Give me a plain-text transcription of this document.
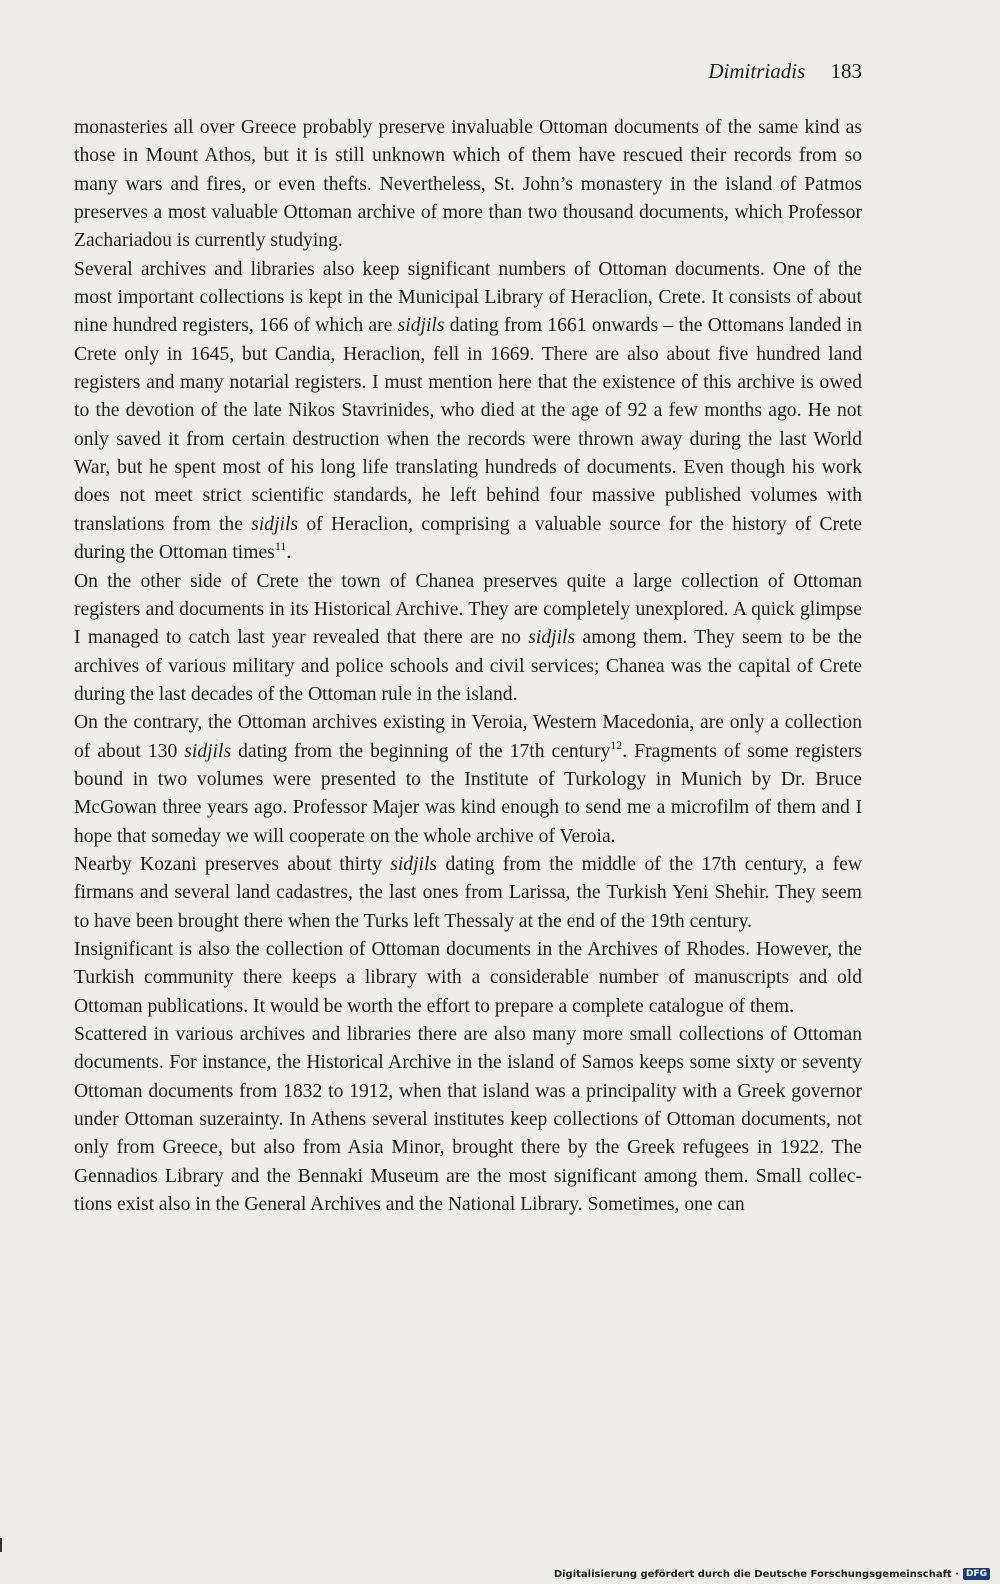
Dimitriadis 183

monasteries all over Greece probably preserve invaluable Ottoman documents of the same kind as those in Mount Athos, but it is still unknown which of them have rescued their records from so many wars and fires, or even thefts. Nevertheless, St. John’s monastery in the island of Patmos preserves a most valuable Ottoman archive of more than two thousand documents, which Professor Zachariadou is currently studying.

Several archives and libraries also keep significant numbers of Ottoman documents. One of the most important collections is kept in the Municipal Library of Heraclion, Crete. It consists of about nine hundred registers, 166 of which are sidjils dating from 1661 onwards – the Ottomans landed in Crete only in 1645, but Candia, Heraclion, fell in 1669. There are also about five hundred land registers and many notarial registers. I must mention here that the existence of this archive is owed to the devotion of the late Nikos Stavrinides, who died at the age of 92 a few months ago. He not only saved it from certain destruction when the records were thrown away during the last World War, but he spent most of his long life translating hundreds of documents. Even though his work does not meet strict scientific standards, he left behind four massive published volumes with translations from the sidjils of Heraclion, comprising a valuable source for the history of Crete during the Ottoman times$^{11}$.

On the other side of Crete the town of Chanea preserves quite a large collection of Ottoman registers and documents in its Historical Archive. They are completely unexplored. A quick glimpse I managed to catch last year revealed that there are no sidjils among them. They seem to be the archives of various military and police schools and civil services; Chanea was the capital of Crete during the last decades of the Ottoman rule in the island.

On the contrary, the Ottoman archives existing in Veroia, Western Macedonia, are only a collection of about 130 sidjils dating from the beginning of the 17th century$^{12}$. Fragments of some registers bound in two volumes were presented to the Institute of Turkology in Munich by Dr. Bruce McGowan three years ago. Professor Majer was kind enough to send me a microfilm of them and I hope that someday we will cooperate on the whole archive of Veroia.

Nearby Kozani preserves about thirty sidjils dating from the middle of the 17th century, a few firmans and several land cadastres, the last ones from Larissa, the Turkish Yeni Shehir. They seem to have been brought there when the Turks left Thessaly at the end of the 19th century.

Insignificant is also the collection of Ottoman documents in the Archives of Rhodes. However, the Turkish community there keeps a library with a considerable number of manuscripts and old Ottoman publications. It would be worth the effort to prepare a complete catalogue of them.

Scattered in various archives and libraries there are also many more small collections of Ottoman documents. For instance, the Historical Archive in the island of Samos keeps some sixty or seventy Ottoman documents from 1832 to 1912, when that island was a principality with a Greek governor under Ottoman suzerainty. In Athens several institutes keep collections of Ottoman documents, not only from Greece, but also from Asia Minor, brought there by the Greek refugees in 1922. The Gennadios Library and the Bennaki Museum are the most significant among them. Small collections exist also in the General Archives and the National Library. Sometimes, one can

Digitalisierung gefördert durch die Deutsche Forschungsgemeinschaft · DFG
